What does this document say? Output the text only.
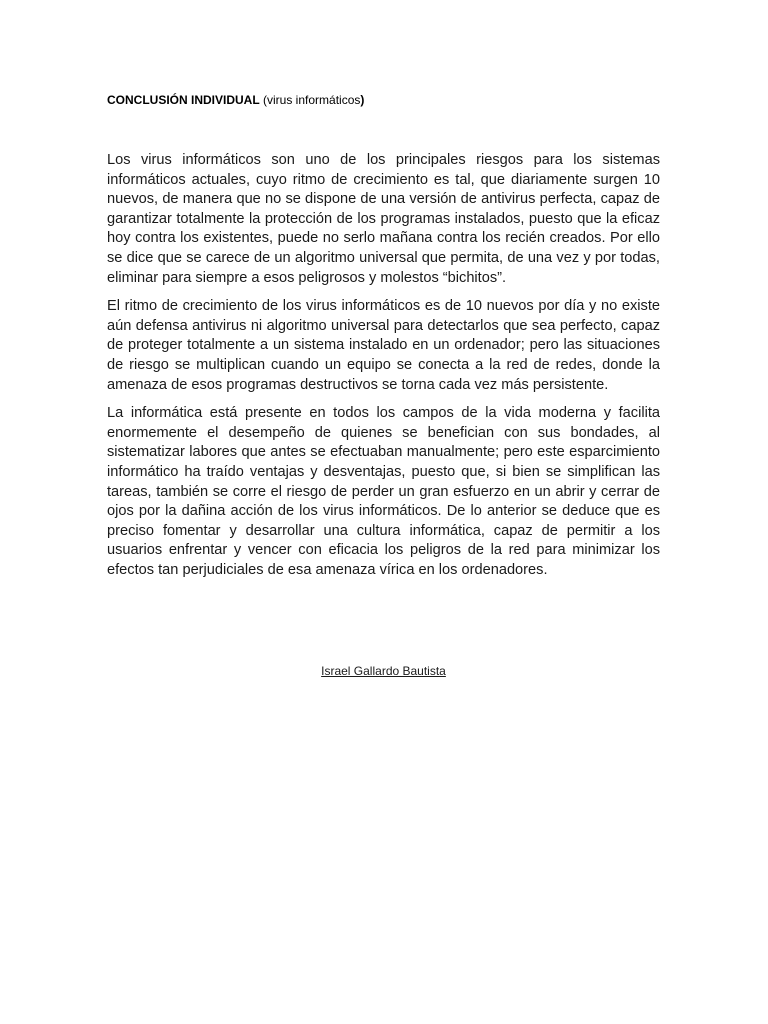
CONCLUSIÓN INDIVIDUAL (virus informáticos)

Los virus informáticos son uno de los principales riesgos para los sistemas informáticos actuales, cuyo ritmo de crecimiento es tal, que diariamente surgen 10 nuevos, de manera que no se dispone de una versión de antivirus perfecta, capaz de garantizar totalmente la protección de los programas instalados, puesto que la eficaz hoy contra los existentes, puede no serlo mañana contra los recién creados. Por ello se dice que se carece de un algoritmo universal que permita, de una vez y por todas, eliminar para siempre a esos peligrosos y molestos “bichitos”.

El ritmo de crecimiento de los virus informáticos es de 10 nuevos por día y no existe aún defensa antivirus ni algoritmo universal para detectarlos que sea perfecto, capaz de proteger totalmente a un sistema instalado en un ordenador; pero las situaciones de riesgo se multiplican cuando un equipo se conecta a la red de redes, donde la amenaza de esos programas destructivos se torna cada vez más persistente.

La informática está presente en todos los campos de la vida moderna y facilita enormemente el desempeño de quienes se benefician con sus bondades, al sistematizar labores que antes se efectuaban manualmente; pero este esparcimiento informático ha traído ventajas y desventajas, puesto que, si bien se simplifican las tareas, también se corre el riesgo de perder un gran esfuerzo en un abrir y cerrar de ojos por la dañina acción de los virus informáticos. De lo anterior se deduce que es preciso fomentar y desarrollar una cultura informática, capaz de permitir a los usuarios enfrentar y vencer con eficacia los peligros de la red para minimizar los efectos tan perjudiciales de esa amenaza vírica en los ordenadores.

Israel Gallardo Bautista
